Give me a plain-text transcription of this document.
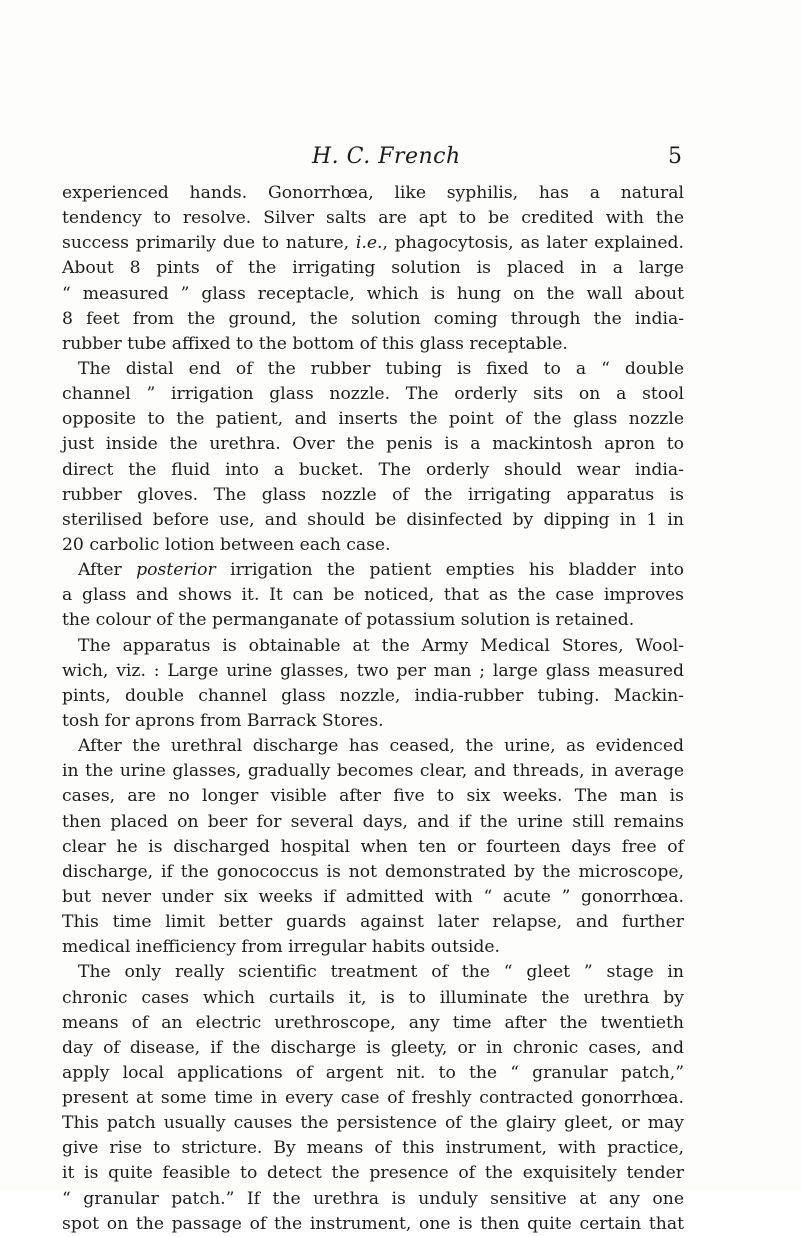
H. C. French	5
experienced hands. Gonorrhœa, like syphilis, has a natural
tendency to resolve. Silver salts are apt to be credited with the
success primarily due to nature, i.e., phagocytosis, as later explained.
About 8 pints of the irrigating solution is placed in a large
“ measured ” glass receptacle, which is hung on the wall about
8 feet from the ground, the solution coming through the india-
rubber tube affixed to the bottom of this glass receptable.
The distal end of the rubber tubing is fixed to a “ double
channel ” irrigation glass nozzle. The orderly sits on a stool
opposite to the patient, and inserts the point of the glass nozzle
just inside the urethra. Over the penis is a mackintosh apron to
direct the fluid into a bucket. The orderly should wear india-
rubber gloves. The glass nozzle of the irrigating apparatus is
sterilised before use, and should be disinfected by dipping in 1 in
20 carbolic lotion between each case.
After posterior irrigation the patient empties his bladder into
a glass and shows it. It can be noticed, that as the case improves
the colour of the permanganate of potassium solution is retained.
The apparatus is obtainable at the Army Medical Stores, Wool-
wich, viz. : Large urine glasses, two per man ; large glass measured
pints, double channel glass nozzle, india-rubber tubing. Mackin-
tosh for aprons from Barrack Stores.
After the urethral discharge has ceased, the urine, as evidenced
in the urine glasses, gradually becomes clear, and threads, in average
cases, are no longer visible after five to six weeks. The man is
then placed on beer for several days, and if the urine still remains
clear he is discharged hospital when ten or fourteen days free of
discharge, if the gonococcus is not demonstrated by the microscope,
but never under six weeks if admitted with “ acute ” gonorrhœa.
This time limit better guards against later relapse, and further
medical inefficiency from irregular habits outside.
The only really scientific treatment of the “ gleet ” stage in
chronic cases which curtails it, is to illuminate the urethra by
means of an electric urethroscope, any time after the twentieth
day of disease, if the discharge is gleety, or in chronic cases, and
apply local applications of argent nit. to the “ granular patch,”
present at some time in every case of freshly contracted gonorrhœa.
This patch usually causes the persistence of the glairy gleet, or may
give rise to stricture. By means of this instrument, with practice,
it is quite feasible to detect the presence of the exquisitely tender
“ granular patch.” If the urethra is unduly sensitive at any one
spot on the passage of the instrument, one is then quite certain that
